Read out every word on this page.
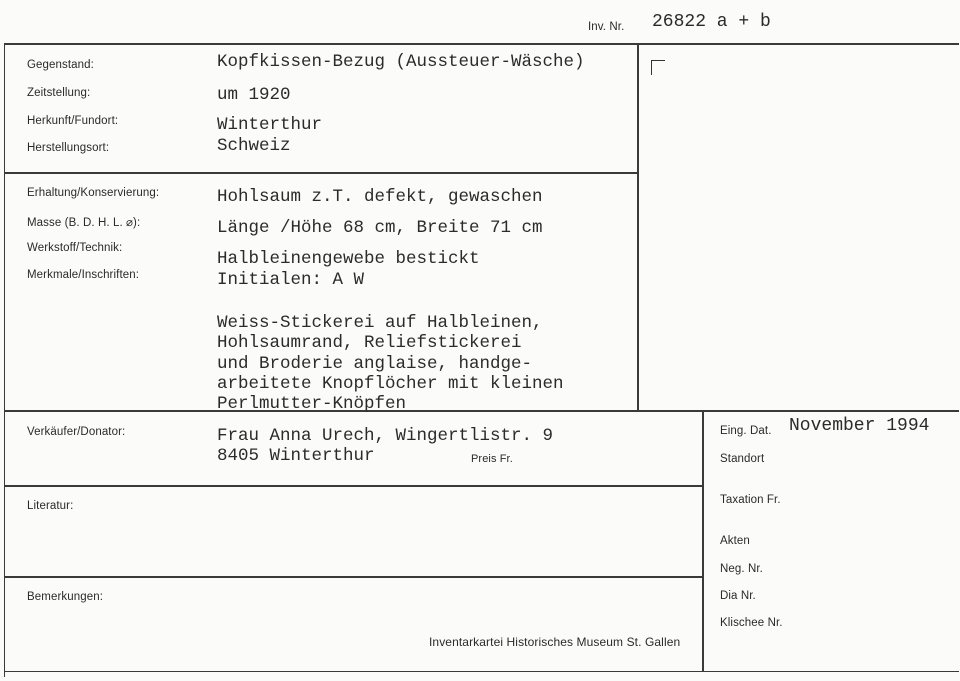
Inv. Nr. 26822 a + b
Gegenstand:
Zeitstellung:
Herkunft/Fundort:
Herstellungsort:
Erhaltung/Konservierung:
Masse (B. D. H. L. ⌀):
Werkstoff/Technik:
Merkmale/Inschriften:
Verkäufer/Donator:
Literatur:
Bemerkungen:
Eing. Dat.
Standort
Taxation Fr.
Akten
Neg. Nr.
Dia Nr.
Klischee Nr.
Preis Fr.
Inventarkartei Historisches Museum St. Gallen
Kopfkissen-Bezug (Aussteuer-Wäsche)
um 1920
Winterthur
Schweiz
Hohlsaum z.T. defekt, gewaschen
Länge /Höhe 68 cm, Breite 71 cm
Halbleinengewebe bestickt
Initialen: A W
Weiss-Stickerei auf Halbleinen,
Hohlsaumrand, Reliefstickerei
und Broderie anglaise, handge-
arbeitete Knopflöcher mit kleinen
Perlmutter-Knöpfen
Frau Anna Urech, Wingertlistr. 9
8405 Winterthur
November 1994
